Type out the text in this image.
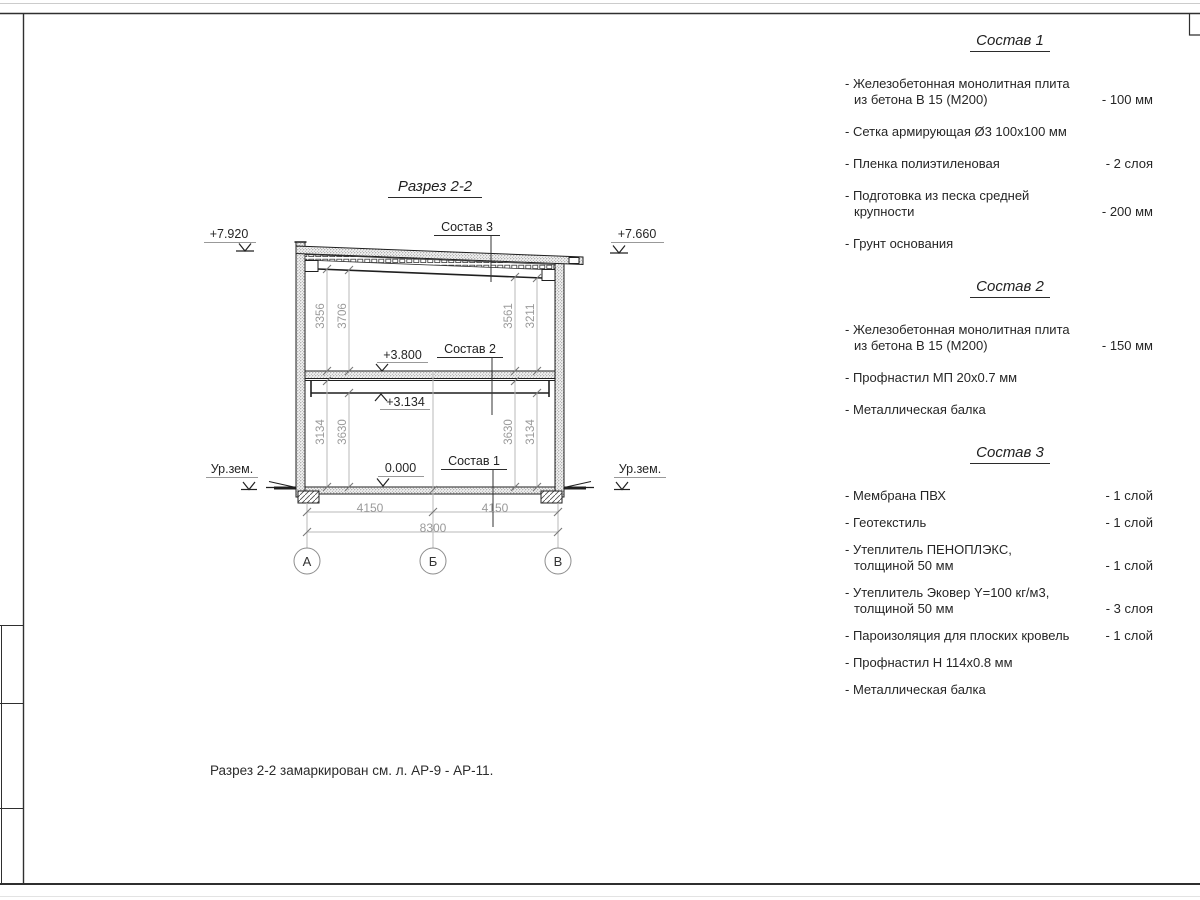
Разрез 2-2
Состав 3
Состав 2
Состав 1
+7.920	+7.660
+3.800
+3.134
0.000
Ур.зем.	Ур.зем.
3356 3706
3134 3630
3561 3211
3630 3134
4150	4150
8300
А	Б	В
Состав 1
- Железобетонная монолитная плита
из бетона В 15 (М200)	- 100 мм
- Сетка армирующая Ø3 100x100 мм
- Пленка полиэтиленовая	- 2 слоя
- Подготовка из песка средней
крупности	- 200 мм
- Грунт основания
Состав 2
- Железобетонная монолитная плита
из бетона В 15 (М200)	- 150 мм
- Профнастил МП 20x0.7 мм
- Металлическая балка
Состав 3
- Мембрана ПВХ	- 1 слой
- Геотекстиль	- 1 слой
- Утеплитель ПЕНОПЛЭКС,
толщиной 50 мм	- 1 слой
- Утеплитель Эковер Y=100 кг/м3,
толщиной 50 мм	- 3 слоя
- Пароизоляция для плоских кровель	- 1 слой
- Профнастил Н 114x0.8 мм
- Металлическая балка
Разрез 2-2 замаркирован см. л. АР-9 - АР-11.
